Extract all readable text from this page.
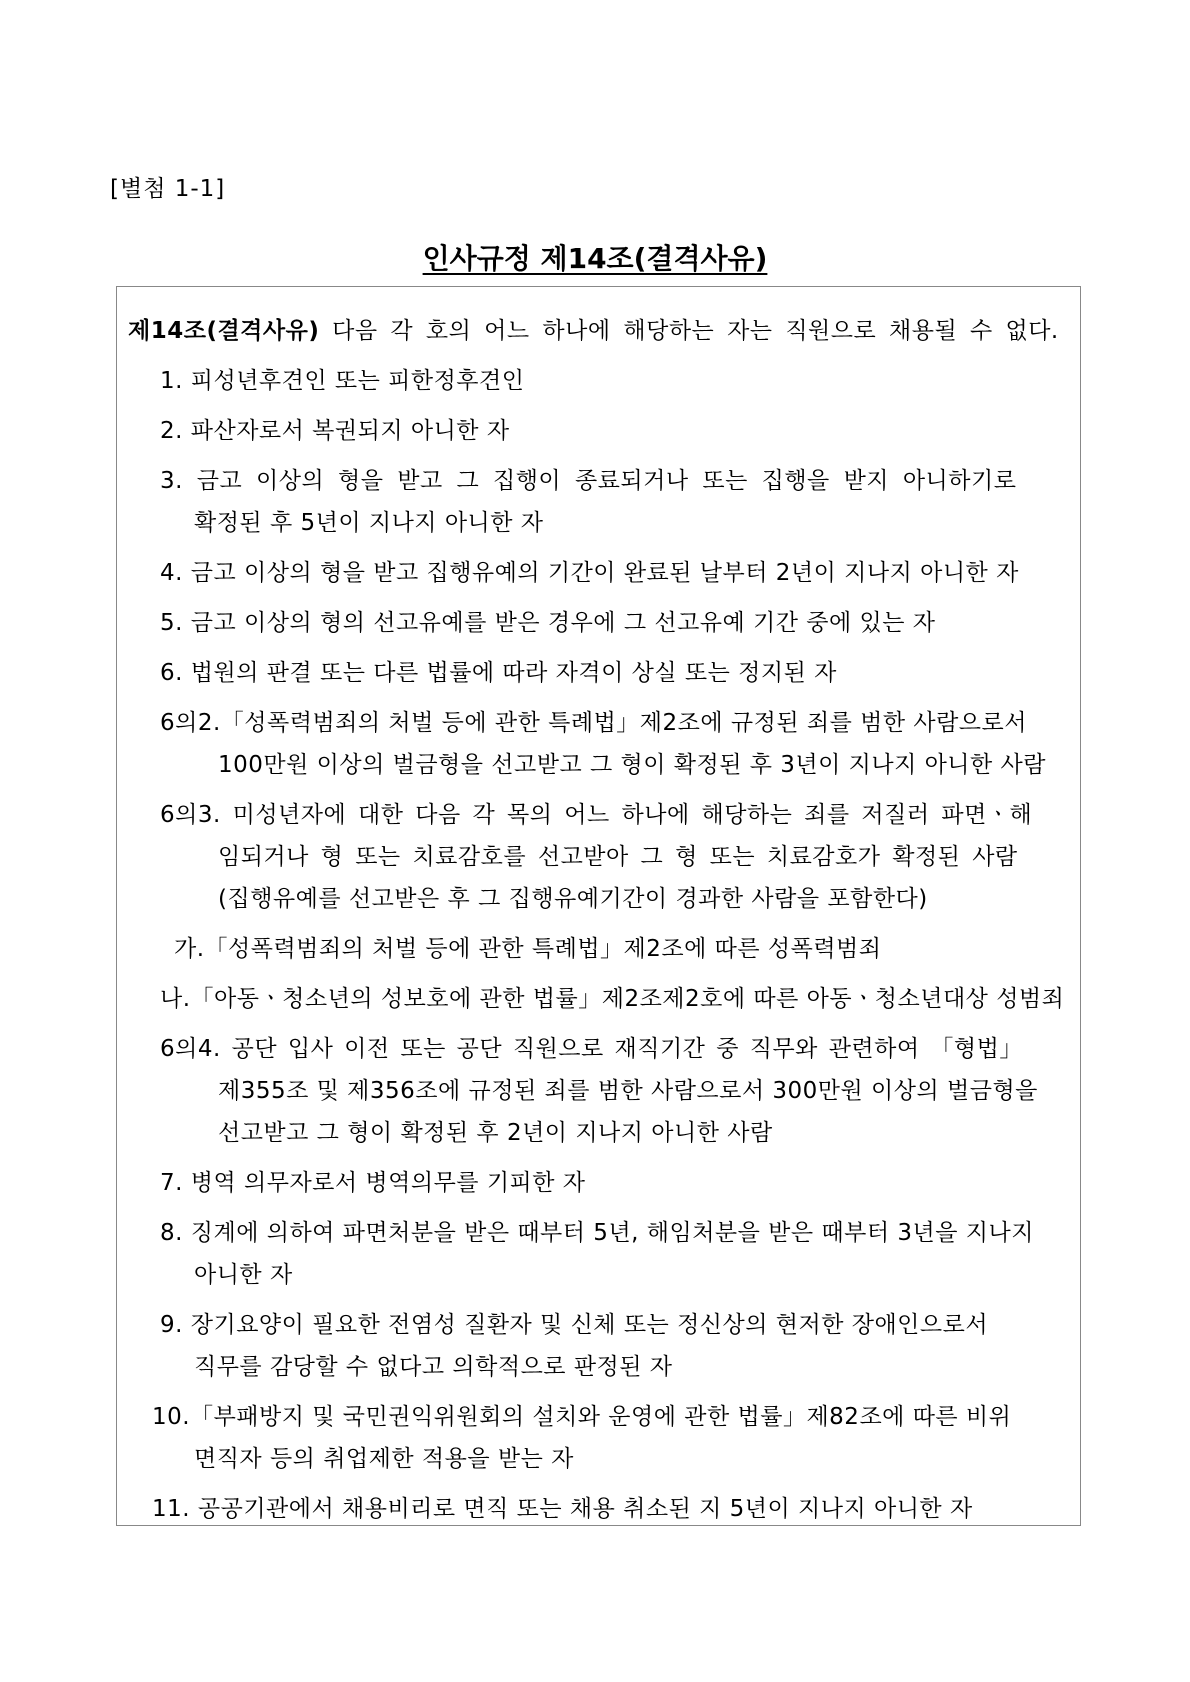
[별첨 1-1]
인사규정 제14조(결격사유)
제14조(결격사유) 다음 각 호의 어느 하나에 해당하는 자는 직원으로 채용될 수 없다.
1. 피성년후견인 또는 피한정후견인
2. 파산자로서 복권되지 아니한 자
3. 금고 이상의 형을 받고 그 집행이 종료되거나 또는 집행을 받지 아니하기로
확정된 후 5년이 지나지 아니한 자
4. 금고 이상의 형을 받고 집행유예의 기간이 완료된 날부터 2년이 지나지 아니한 자
5. 금고 이상의 형의 선고유예를 받은 경우에 그 선고유예 기간 중에 있는 자
6. 법원의 판결 또는 다른 법률에 따라 자격이 상실 또는 정지된 자
6의2.「성폭력범죄의 처벌 등에 관한 특례법」제2조에 규정된 죄를 범한 사람으로서
100만원 이상의 벌금형을 선고받고 그 형이 확정된 후 3년이 지나지 아니한 사람
6의3. 미성년자에 대한 다음 각 목의 어느 하나에 해당하는 죄를 저질러 파면ㆍ해
임되거나 형 또는 치료감호를 선고받아 그 형 또는 치료감호가 확정된 사람
(집행유예를 선고받은 후 그 집행유예기간이 경과한 사람을 포함한다)
가.「성폭력범죄의 처벌 등에 관한 특례법」제2조에 따른 성폭력범죄
나.「아동ㆍ청소년의 성보호에 관한 법률」제2조제2호에 따른 아동ㆍ청소년대상 성범죄
6의4. 공단 입사 이전 또는 공단 직원으로 재직기간 중 직무와 관련하여 「형법」
제355조 및 제356조에 규정된 죄를 범한 사람으로서 300만원 이상의 벌금형을
선고받고 그 형이 확정된 후 2년이 지나지 아니한 사람
7. 병역 의무자로서 병역의무를 기피한 자
8. 징계에 의하여 파면처분을 받은 때부터 5년, 해임처분을 받은 때부터 3년을 지나지
아니한 자
9. 장기요양이 필요한 전염성 질환자 및 신체 또는 정신상의 현저한 장애인으로서
직무를 감당할 수 없다고 의학적으로 판정된 자
10.「부패방지 및 국민권익위원회의 설치와 운영에 관한 법률」제82조에 따른 비위
면직자 등의 취업제한 적용을 받는 자
11. 공공기관에서 채용비리로 면직 또는 채용 취소된 지 5년이 지나지 아니한 자
